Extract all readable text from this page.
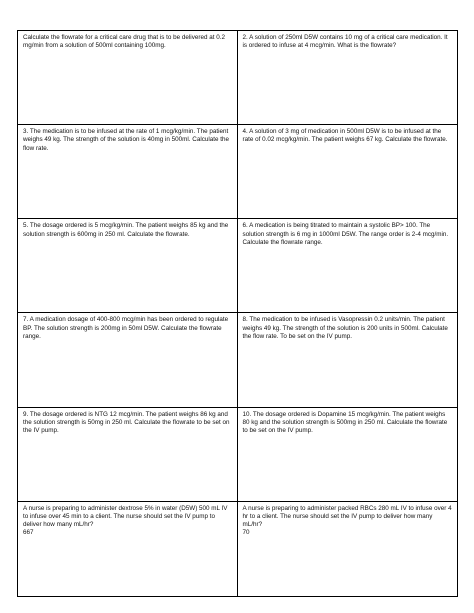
Calculate the flowrate for a critical care drug that is to be delivered at 0.2 mg/min from a solution of 500ml containing 100mg.
2. A solution of 250ml D5W contains 10 mg of a critical care medication. It is ordered to infuse at 4 mcg/min. What is the flowrate?
3. The medication is to be infused at the rate of 1 mcg/kg/min. The patient weighs 49 kg. The strength of the solution is 40mg in 500ml. Calculate the flow rate.
4. A solution of 3 mg of medication in 500ml D5W is to be infused at the rate of 0.02 mcg/kg/min. The patient weighs 67 kg. Calculate the flowrate.
5. The dosage ordered is 5 mcg/kg/min. The patient weighs 85 kg and the solution strength is 600mg in 250 ml. Calculate the flowrate.
6. A medication is being titrated to maintain a systolic BP> 100. The solution strength is 6 mg in 1000ml D5W. The range order is 2-4 mcg/min. Calculate the flowrate range.
7. A medication dosage of 400-800 mcg/min has been ordered to regulate BP. The solution strength is 200mg in 50ml D5W. Calculate the flowrate range.
8. The medication to be infused is Vasopressin 0.2 units/min. The patient weighs 49 kg. The strength of the solution is 200 units in 500ml. Calculate the flow rate. To be set on the IV pump.
9. The dosage ordered is NTG 12 mcg/min. The patient weighs 86 kg and the solution strength is 50mg in 250 ml. Calculate the flowrate to be set on the IV pump.
10. The dosage ordered is Dopamine 15 mcg/kg/min. The patient weighs 80 kg and the solution strength is 500mg in 250 ml. Calculate the flowrate to be set on the IV pump.
A nurse is preparing to administer dextrose 5% in water (D5W) 500 mL IV to infuse over 45 min to a client. The nurse should set the IV pump to deliver how many mL/hr?
667
A nurse is preparing to administer packed RBCs 280 mL IV to infuse over 4 hr to a client. The nurse should set the IV pump to deliver how many mL/hr?
70
